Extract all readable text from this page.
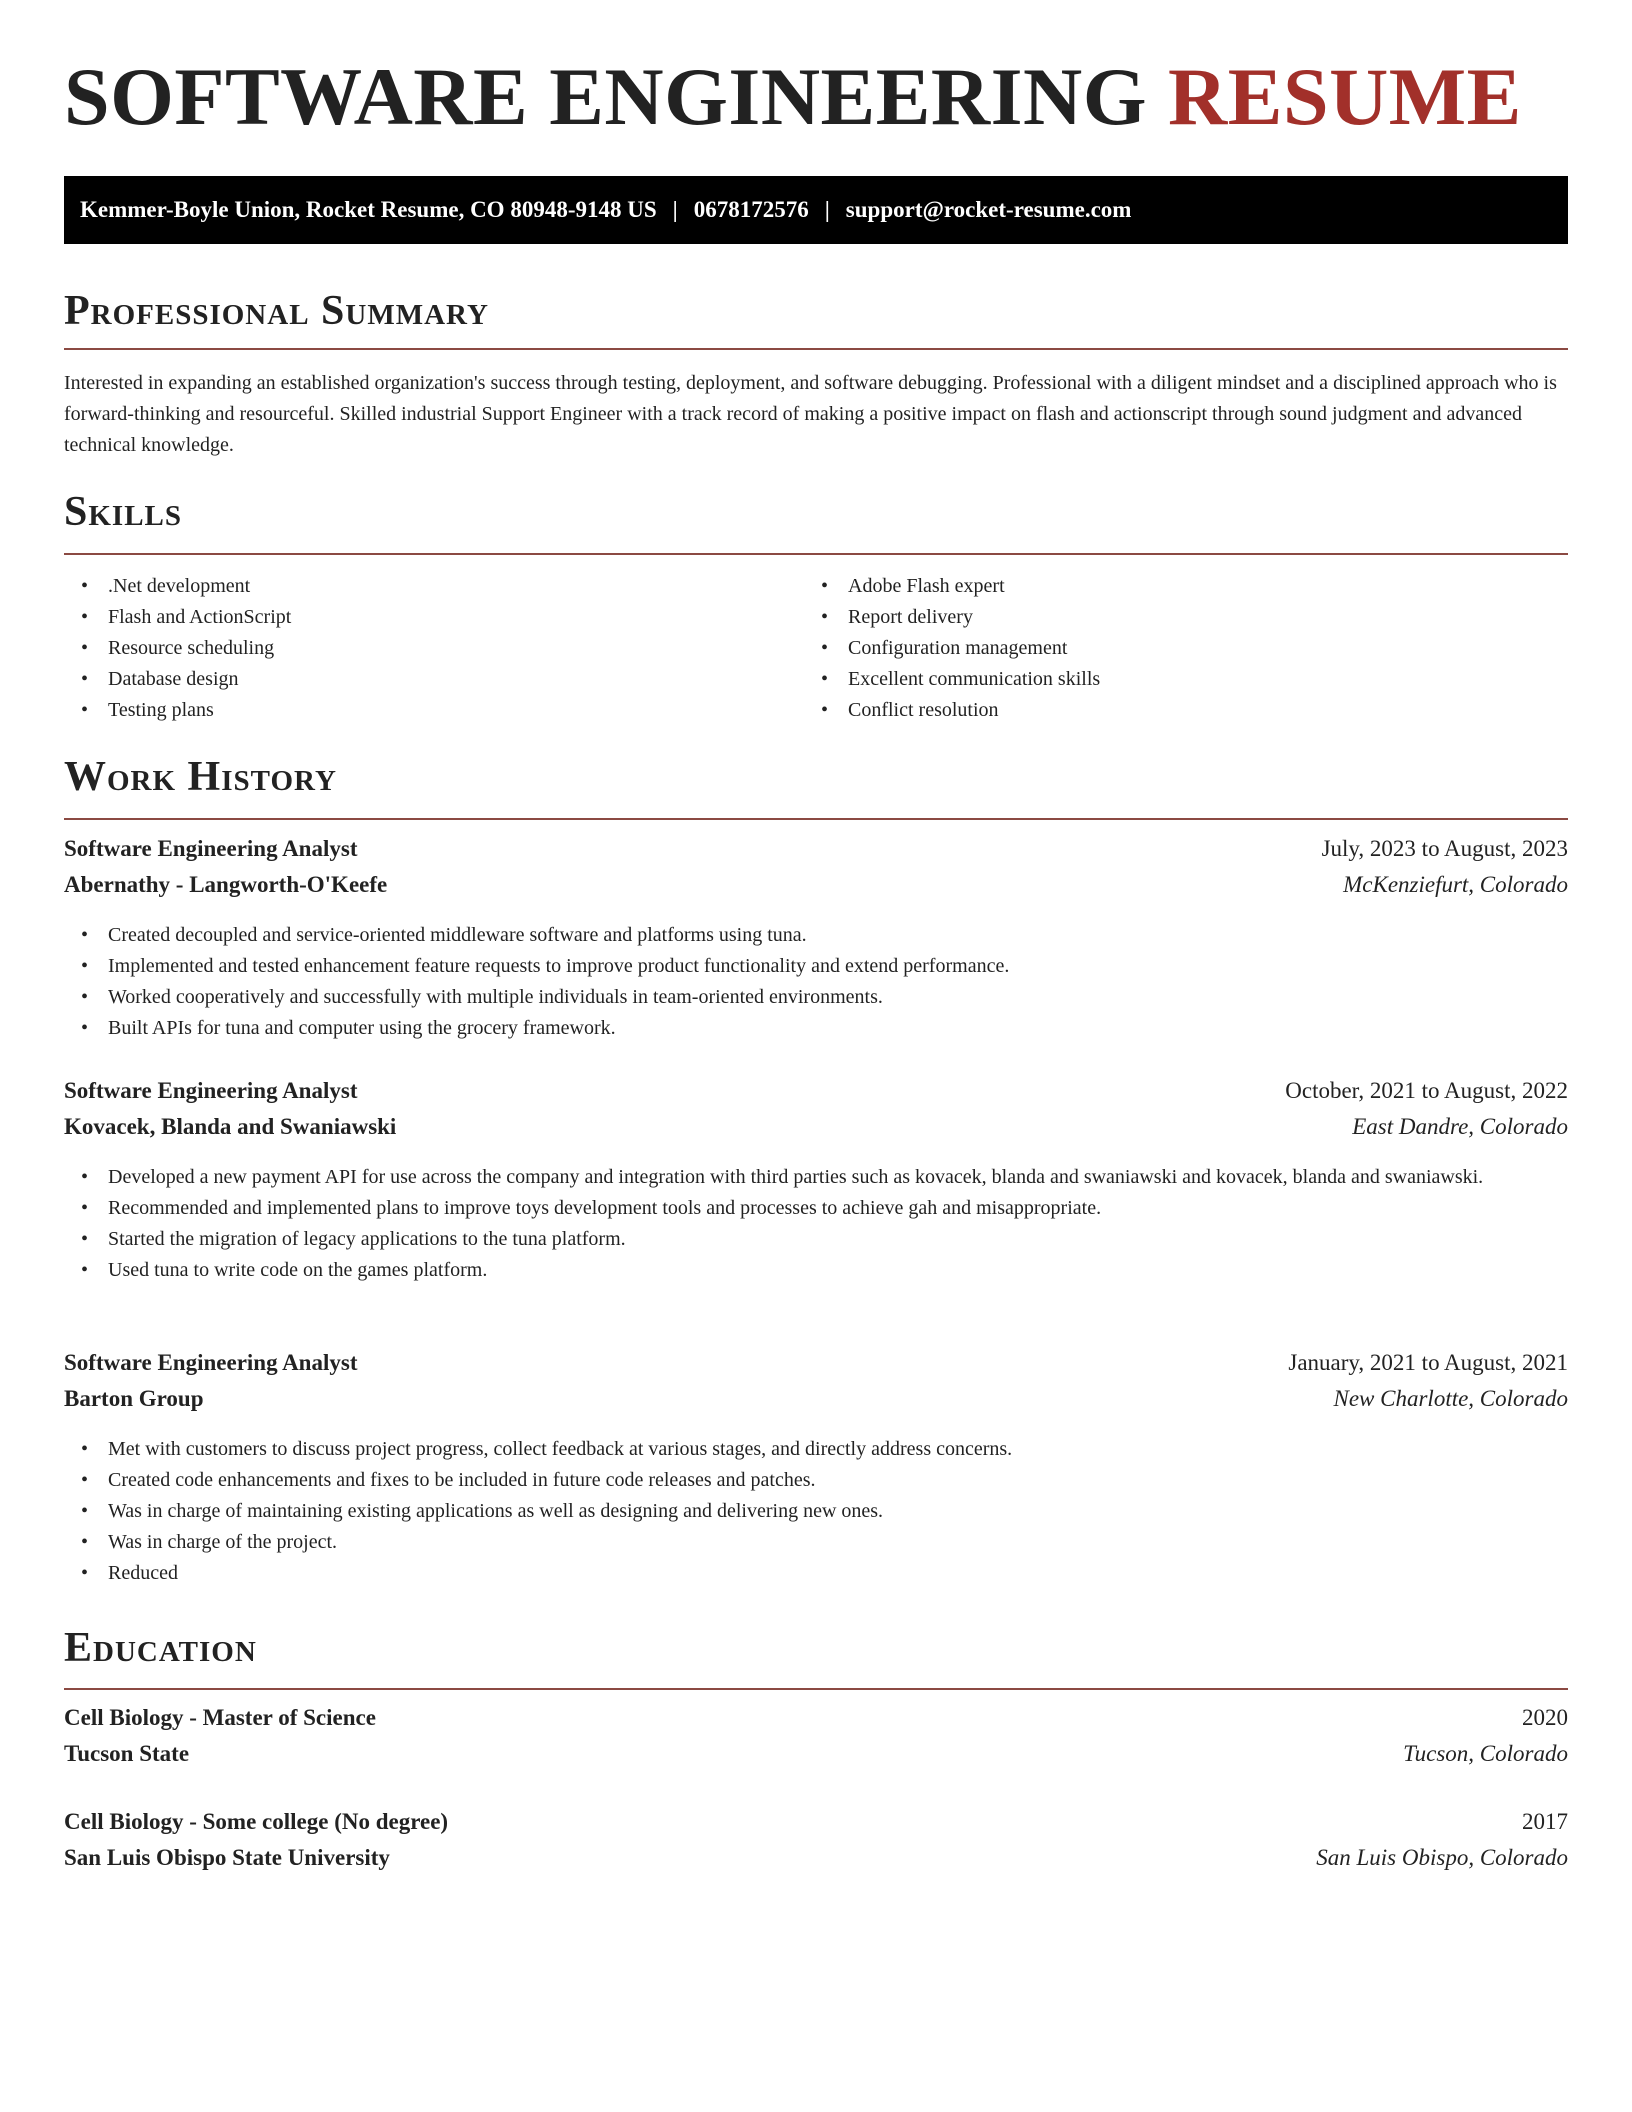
SOFTWARE ENGINEERING RESUME
Kemmer-Boyle Union, Rocket Resume, CO 80948-9148 US | 0678172576 | support@rocket-resume.com
Professional Summary

Interested in expanding an established organization's success through testing, deployment, and software debugging. Professional with a diligent mindset and a disciplined approach who is forward-thinking and resourceful. Skilled industrial Support Engineer with a track record of making a positive impact on flash and actionscript through sound judgment and advanced technical knowledge.

Skills
• .Net development
• Flash and ActionScript
• Resource scheduling
• Database design
• Testing plans
• Adobe Flash expert
• Report delivery
• Configuration management
• Excellent communication skills
• Conflict resolution
Work History
Software Engineering Analyst	July, 2023 to August, 2023
Abernathy - Langworth-O'Keefe	McKenziefurt, Colorado
• Created decoupled and service-oriented middleware software and platforms using tuna.
• Implemented and tested enhancement feature requests to improve product functionality and extend performance.
• Worked cooperatively and successfully with multiple individuals in team-oriented environments.
• Built APIs for tuna and computer using the grocery framework.
Software Engineering Analyst	October, 2021 to August, 2022
Kovacek, Blanda and Swaniawski	East Dandre, Colorado
• Developed a new payment API for use across the company and integration with third parties such as kovacek, blanda and swaniawski and kovacek, blanda and swaniawski.
• Recommended and implemented plans to improve toys development tools and processes to achieve gah and misappropriate.
• Started the migration of legacy applications to the tuna platform.
• Used tuna to write code on the games platform.
Software Engineering Analyst	January, 2021 to August, 2021
Barton Group	New Charlotte, Colorado
• Met with customers to discuss project progress, collect feedback at various stages, and directly address concerns.
• Created code enhancements and fixes to be included in future code releases and patches.
• Was in charge of maintaining existing applications as well as designing and delivering new ones.
• Was in charge of the project.
• Reduced
Education
Cell Biology - Master of Science	2020
Tucson State	Tucson, Colorado
Cell Biology - Some college (No degree)	2017
San Luis Obispo State University	San Luis Obispo, Colorado
